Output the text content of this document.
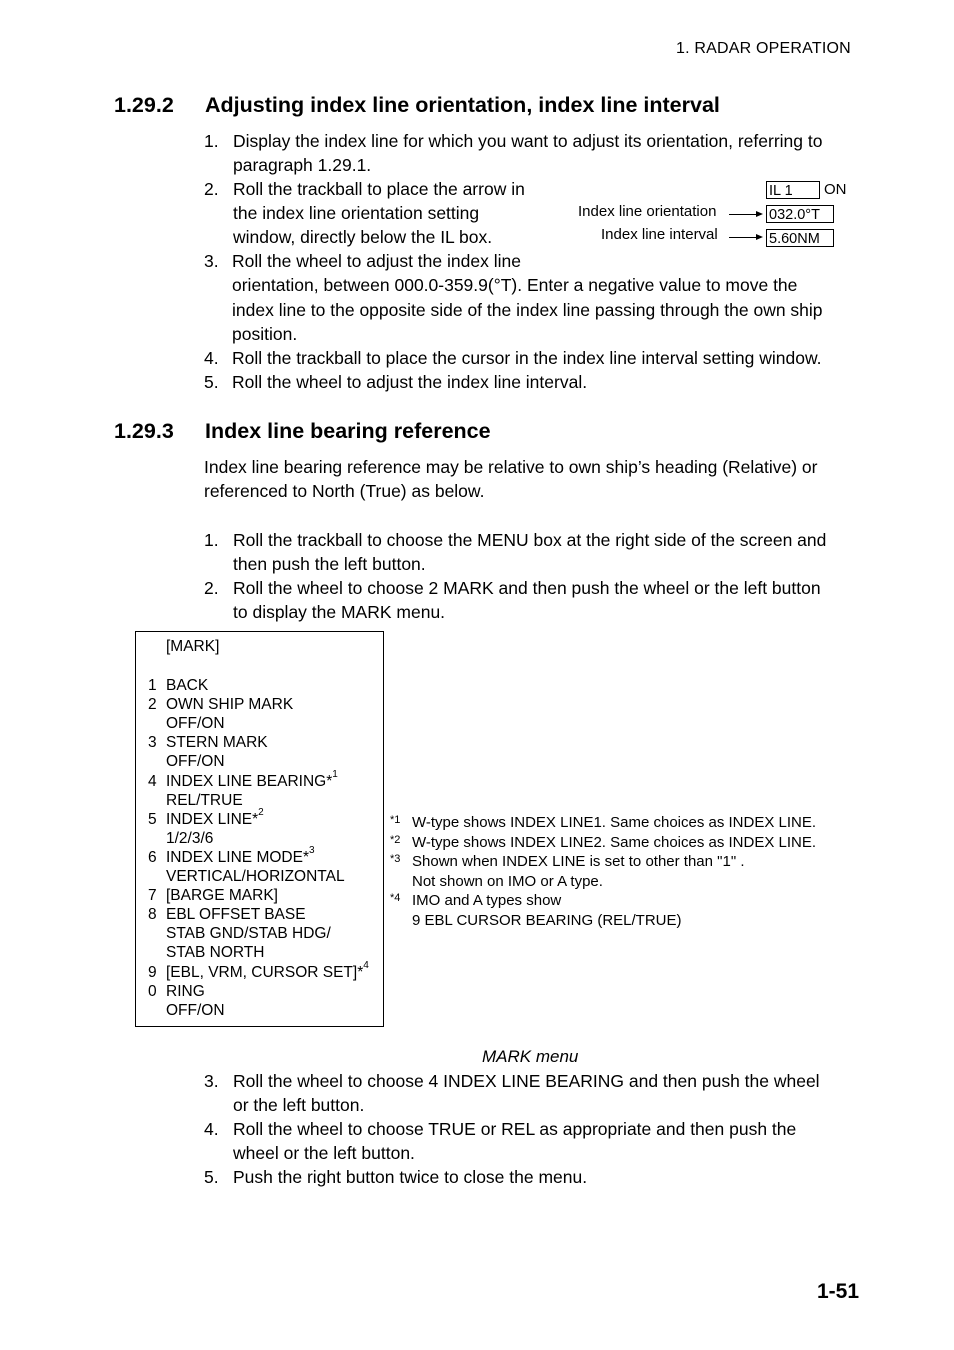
1. RADAR OPERATION
1.29.2 Adjusting index line orientation, index line interval
1. Display the index line for which you want to adjust its orientation, referring to
paragraph 1.29.1.
2. Roll the trackball to place the arrow in
the index line orientation setting
window, directly below the IL box.
3. Roll the wheel to adjust the index line
orientation, between 000.0-359.9(°T). Enter a negative value to move the
index line to the opposite side of the index line passing through the own ship
position.
4. Roll the trackball to place the cursor in the index line interval setting window.
5. Roll the wheel to adjust the index line interval.
IL 1	ON
Index line orientation	032.0°T
Index line interval	5.60NM
1.29.3 Index line bearing reference
Index line bearing reference may be relative to own ship’s heading (Relative) or
referenced to North (True) as below.
1. Roll the trackball to choose the MENU box at the right side of the screen and
then push the left button.
2. Roll the wheel to choose 2 MARK and then push the wheel or the left button
to display the MARK menu.
[MARK]
1 BACK
2 OWN SHIP MARK
OFF/ON
3 STERN MARK
OFF/ON
4 INDEX LINE BEARING*$^1$
REL/TRUE
5 INDEX LINE*$^2$
1/2/3/6
6 INDEX LINE MODE*$^3$
VERTICAL/HORIZONTAL
7 [BARGE MARK]
8 EBL OFFSET BASE
STAB GND/STAB HDG/
STAB NORTH
9 [EBL, VRM, CURSOR SET]*$^4$
0 RING
OFF/ON
*1 W-type shows INDEX LINE1. Same choices as INDEX LINE.
*2 W-type shows INDEX LINE2. Same choices as INDEX LINE.
*3 Shown when INDEX LINE is set to other than "1" .
Not shown on IMO or A type.
*4 IMO and A types show
9 EBL CURSOR BEARING (REL/TRUE)
MARK menu
3. Roll the wheel to choose 4 INDEX LINE BEARING and then push the wheel
or the left button.
4. Roll the wheel to choose TRUE or REL as appropriate and then push the
wheel or the left button.
5. Push the right button twice to close the menu.
1-51
